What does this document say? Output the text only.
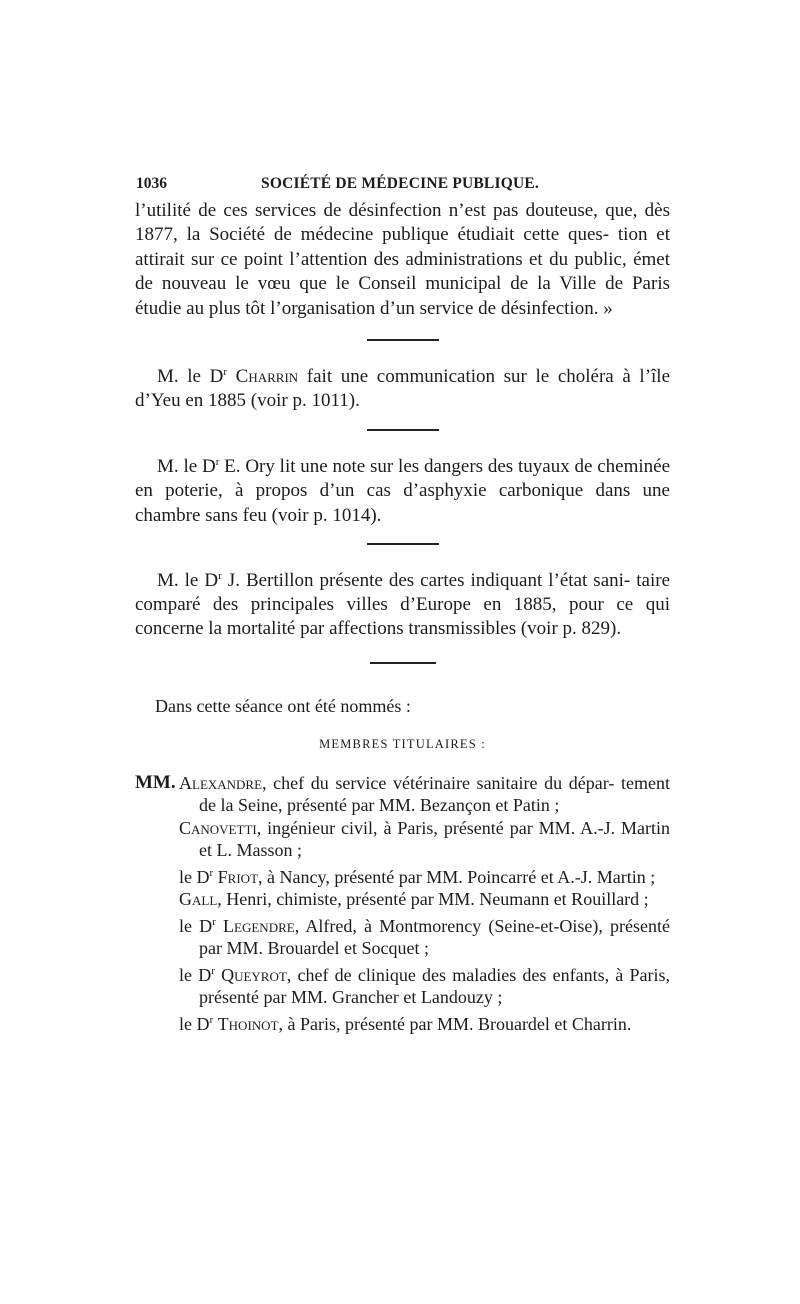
1036	SOCIÉTÉ DE MÉDECINE PUBLIQUE.

l’utilité de ces services de désinfection n’est pas douteuse, que, dès 1877, la Société de médecine publique étudiait cette ques- tion et attirait sur ce point l’attention des administrations et du public, émet de nouveau le vœu que le Conseil municipal de la Ville de Paris étudie au plus tôt l’organisation d’un service de désinfection. »

M. le $D^r$ Charrin fait une communication sur le choléra à l’île d’Yeu en 1885 (voir p. 1011).

M. le $D^r$ E. Ory lit une note sur les dangers des tuyaux de cheminée en poterie, à propos d’un cas d’asphyxie carbonique dans une chambre sans feu (voir p. 1014).

M. le $D^r$ J. Bertillon présente des cartes indiquant l’état sani- taire comparé des principales villes d’Europe en 1885, pour ce qui concerne la mortalité par affections transmissibles (voir p. 829).

Dans cette séance ont été nommés :

MEMBRES TITULAIRES :
MM. Alexandre, chef du service vétérinaire sanitaire du dépar- tement de la Seine, présenté par MM. Bezançon et Patin ;

Canovetti, ingénieur civil, à Paris, présenté par MM. A.-J. Martin et L. Masson ;

le $D^r$ Friot, à Nancy, présenté par MM. Poincarré et A.-J. Martin ;

Gall, Henri, chimiste, présenté par MM. Neumann et Rouillard ;

le $D^r$ Legendre, Alfred, à Montmorency (Seine-et-Oise), présenté par MM. Brouardel et Socquet ;

le $D^r$ Queyrot, chef de clinique des maladies des enfants, à Paris, présenté par MM. Grancher et Landouzy ;

le $D^r$ Thoinot, à Paris, présenté par MM. Brouardel et Charrin.
